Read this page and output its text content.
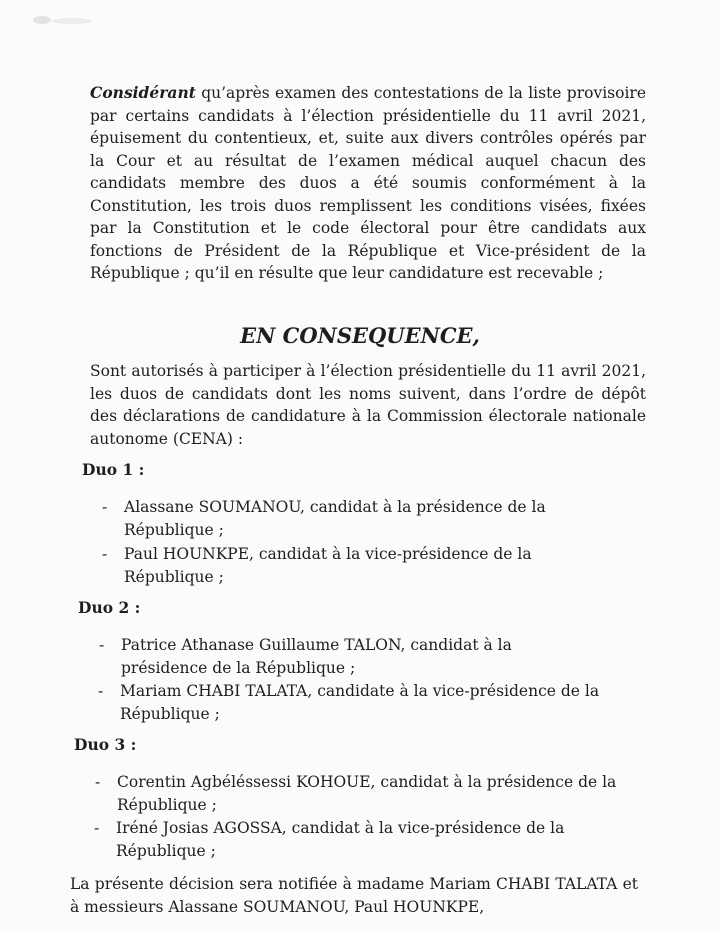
Considérant qu’après examen des contestations de la liste provisoire par certains candidats à l’élection présidentielle du 11 avril 2021, épuisement du contentieux, et, suite aux divers contrôles opérés par la Cour et au résultat de l’examen médical auquel chacun des candidats membre des duos a été soumis conformément à la Constitution, les trois duos remplissent les conditions visées, fixées par la Constitution et le code électoral pour être candidats aux fonctions de Président de la République et Vice-président de la République ; qu’il en résulte que leur candidature est recevable ;

EN CONSEQUENCE,

Sont autorisés à participer à l’élection présidentielle du 11 avril 2021, les duos de candidats dont les noms suivent, dans l’ordre de dépôt des déclarations de candidature à la Commission électorale nationale autonome (CENA) :

Duo 1 :

- Alassane SOUMANOU, candidat à la présidence de la République ;
- Paul HOUNKPE, candidat à la vice-présidence de la République ;

Duo 2 :

- Patrice Athanase Guillaume TALON, candidat à la présidence de la République ;
- Mariam CHABI TALATA, candidate à la vice-présidence de la République ;

Duo 3 :

- Corentin Agbéléssessi KOHOUE, candidat à la présidence de la République ;
- Iréné Josias AGOSSA, candidat à la vice-présidence de la République ;

La présente décision sera notifiée à madame Mariam CHABI TALATA et à messieurs Alassane SOUMANOU, Paul HOUNKPE,
